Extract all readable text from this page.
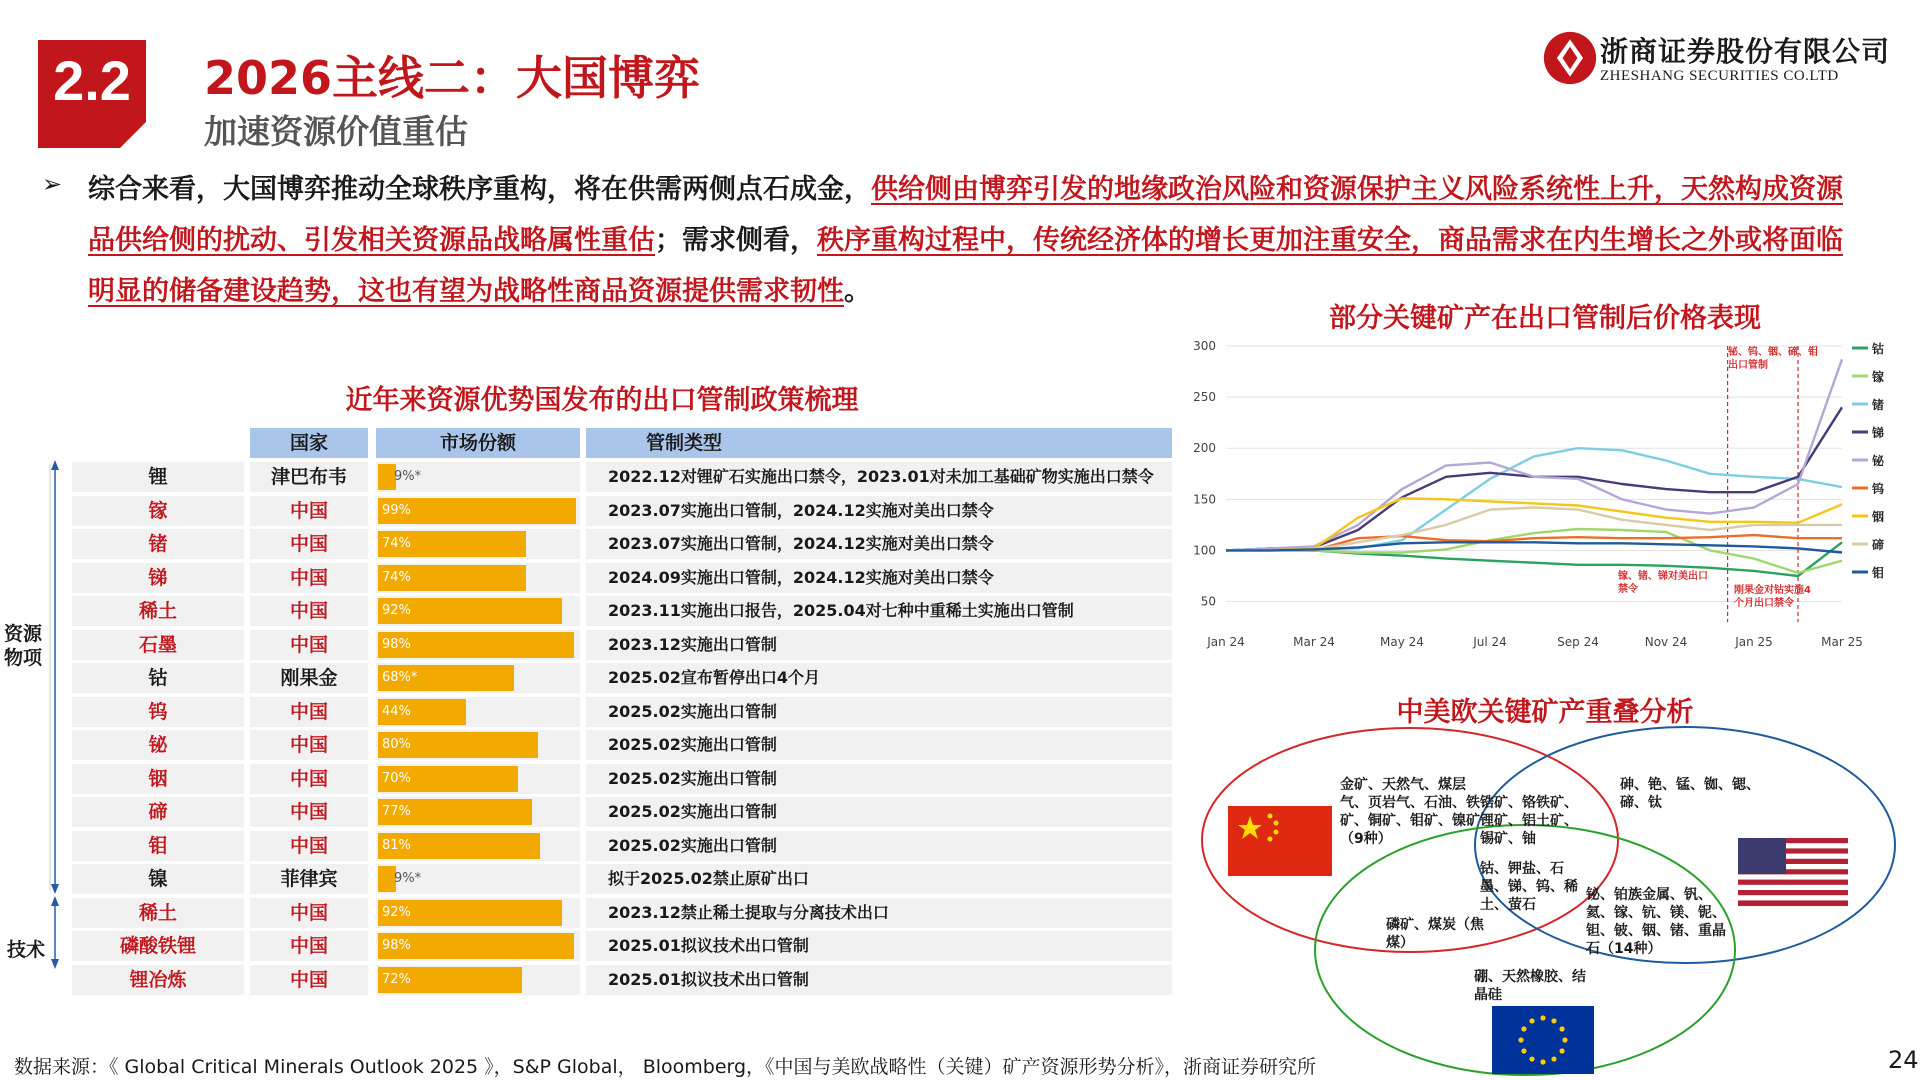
2.2	2026主线二：大国博弈
加速资源价值重估
浙商证券股份有限公司
ZHESHANG SECURITIES CO.LTD
➢ 综合来看，大国博弈推动全球秩序重构，将在供需两侧点石成金，供给侧由博弈引发的地缘政治风险和资源保护主义风险系统性上升，天然构成资源品供给侧的扰动、引发相关资源品战略属性重估；需求侧看，秩序重构过程中，传统经济体的增长更加注重安全，商品需求在内生增长之外或将面临明显的储备建设趋势，这也有望为战略性商品资源提供需求韧性。
近年来资源优势国发布的出口管制政策梳理
国家	市场份额	管制类型
锂	津巴布韦	9%*	2022.12对锂矿石实施出口禁令，2023.01对未加工基础矿物实施出口禁令
镓	中国	99%	2023.07实施出口管制，2024.12实施对美出口禁令
锗	中国	74%	2023.07实施出口管制，2024.12实施对美出口禁令
锑	中国	74%	2024.09实施出口管制，2024.12实施对美出口禁令
稀土	中国	92%	2023.11实施出口报告，2025.04对七种中重稀土实施出口管制
石墨	中国	98%	2023.12实施出口管制
钴	刚果金	68%*	2025.02宣布暂停出口4个月
钨	中国	44%	2025.02实施出口管制
铋	中国	80%	2025.02实施出口管制
铟	中国	70%	2025.02实施出口管制
碲	中国	77%	2025.02实施出口管制
钼	中国	81%	2025.02实施出口管制
镍	菲律宾	9%*	拟于2025.02禁止原矿出口
稀土	中国	92%	2023.12禁止稀土提取与分离技术出口
磷酸铁锂	中国	98%	2025.01拟议技术出口管制
锂冶炼	中国	72%	2025.01拟议技术出口管制
资源物项
技术
部分关键矿产在出口管制后价格表现
50
100
150
200
250
300
Jan 24	Mar 24	May 24	Jul 24	Sep 24	Nov 24	Jan 25	Mar 25
钴
镓
锗
锑
铋
钨
铟
碲
钼
铋、钨、铟、碲、钼出口管制
镓、锗、锑对美出口禁令	刚果金对钴实施4个月出口禁令
中美欧关键矿产重叠分析
金矿、天然气、煤层气、页岩气、石油、铁矿、铜矿、钼矿、镍矿（9种）
锆矿、铬铁矿、锂矿、铝土矿、锡矿、铀
砷、铯、锰、铷、锶、碲、钛
钴、钾盐、石墨、锑、钨、稀土、萤石
磷矿、煤炭（焦煤）
铋、铂族金属、钒、氦、镓、钪、镁、铌、钽、铍、铟、锗、重晶石（14种）
硼、天然橡胶、结晶硅
数据来源：《 Global Critical Minerals Outlook 2025 》，S&P Global， Bloomberg，《中国与美欧战略性（关键）矿产资源形势分析》，浙商证券研究所	24
